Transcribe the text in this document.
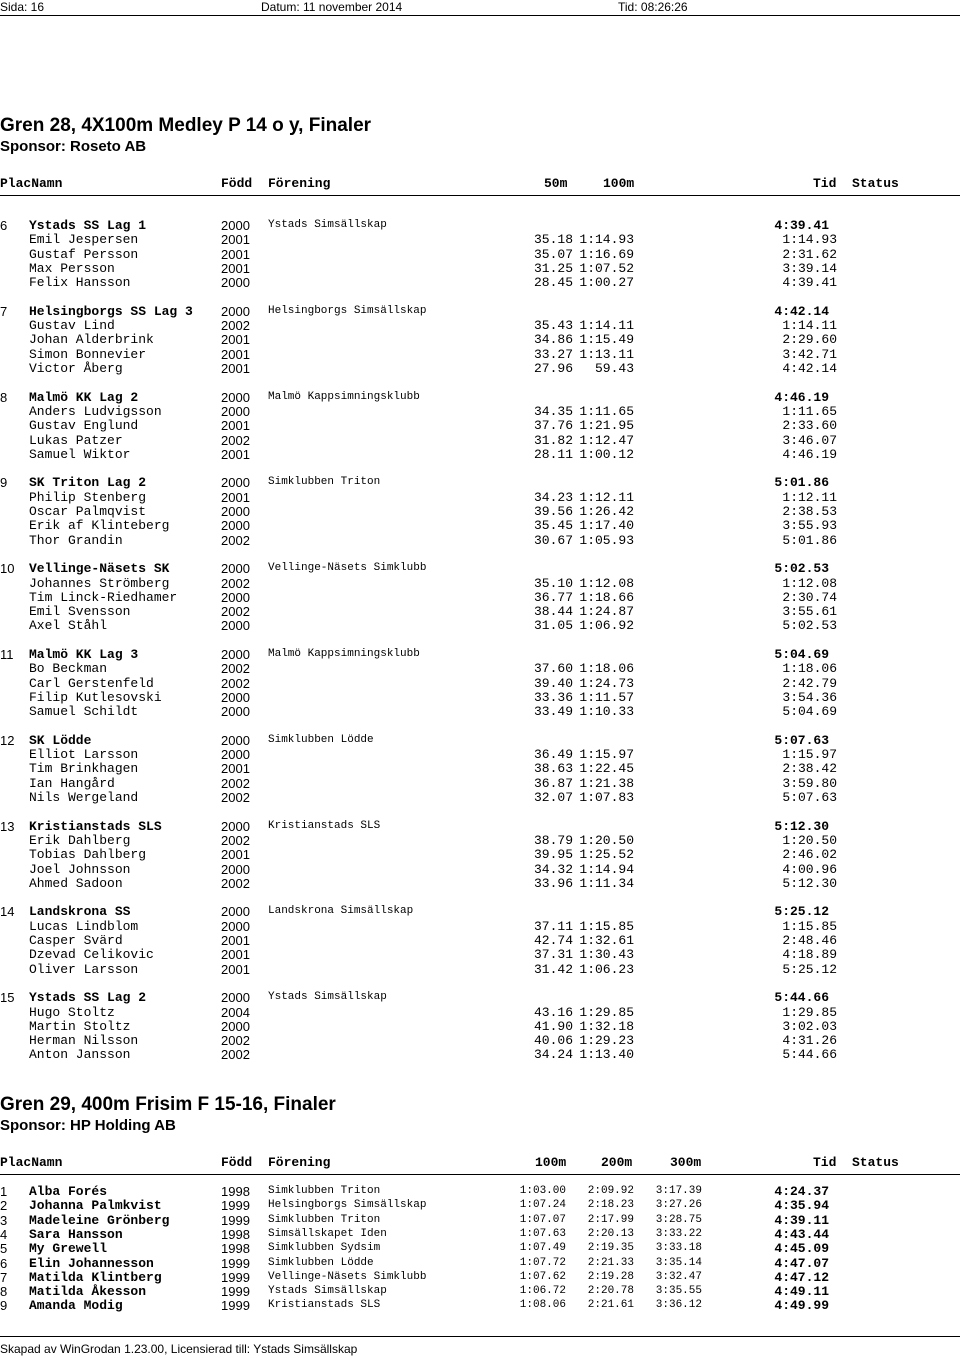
Sida: 16	Datum: 11 november 2014	Tid: 08:26:26
Gren 28, 4X100m Medley P 14 o y, Finaler
Sponsor: Roseto AB
PlacNamn	Född Förening	50m	100m	Tid Status
6 Ystads SS Lag 1	2000 Ystads Simsällskap	4:39.41
Emil Jespersen	2001	35.18 1:14.93	1:14.93
Gustaf Persson	2001	35.07 1:16.69	2:31.62
Max Persson	2001	31.25 1:07.52	3:39.14
Felix Hansson	2000	28.45 1:00.27	4:39.41
7 Helsingborgs SS Lag 3 2000 Helsingborgs Simsällskap	4:42.14
Gustav Lind	2002	35.43 1:14.11	1:14.11
Johan Alderbrink	2001	34.86 1:15.49	2:29.60
Simon Bonnevier	2001	33.27 1:13.11	3:42.71
Victor Åberg	2001	27.96 59.43	4:42.14
8 Malmö KK Lag 2	2000 Malmö Kappsimningsklubb	4:46.19
Anders Ludvigsson	2000	34.35 1:11.65	1:11.65
Gustav Englund	2001	37.76 1:21.95	2:33.60
Lukas Patzer	2002	31.82 1:12.47	3:46.07
Samuel Wiktor	2001	28.11 1:00.12	4:46.19
9 SK Triton Lag 2	2000 Simklubben Triton	5:01.86
Philip Stenberg	2001	34.23 1:12.11	1:12.11
Oscar Palmqvist	2000	39.56 1:26.42	2:38.53
Erik af Klinteberg	2000	35.45 1:17.40	3:55.93
Thor Grandin	2002	30.67 1:05.93	5:01.86
10 Vellinge-Näsets SK	2000 Vellinge-Näsets Simklubb	5:02.53
Johannes Strömberg	2002	35.10 1:12.08	1:12.08
Tim Linck-Riedhamer	2000	36.77 1:18.66	2:30.74
Emil Svensson	2002	38.44 1:24.87	3:55.61
Axel Ståhl	2000	31.05 1:06.92	5:02.53
11 Malmö KK Lag 3	2000 Malmö Kappsimningsklubb	5:04.69
Bo Beckman	2002	37.60 1:18.06	1:18.06
Carl Gerstenfeld	2002	39.40 1:24.73	2:42.79
Filip Kutlesovski	2000	33.36 1:11.57	3:54.36
Samuel Schildt	2000	33.49 1:10.33	5:04.69
12 SK Lödde	2000 Simklubben Lödde	5:07.63
Elliot Larsson	2000	36.49 1:15.97	1:15.97
Tim Brinkhagen	2001	38.63 1:22.45	2:38.42
Ian Hangård	2002	36.87 1:21.38	3:59.80
Nils Wergeland	2002	32.07 1:07.83	5:07.63
13 Kristianstads SLS	2000 Kristianstads SLS	5:12.30
Erik Dahlberg	2002	38.79 1:20.50	1:20.50
Tobias Dahlberg	2001	39.95 1:25.52	2:46.02
Joel Johnsson	2000	34.32 1:14.94	4:00.96
Ahmed Sadoon	2002	33.96 1:11.34	5:12.30
14 Landskrona SS	2000 Landskrona Simsällskap	5:25.12
Lucas Lindblom	2000	37.11 1:15.85	1:15.85
Casper Svärd	2001	42.74 1:32.61	2:48.46
Dzevad Celikovic	2001	37.31 1:30.43	4:18.89
Oliver Larsson	2001	31.42 1:06.23	5:25.12
15 Ystads SS Lag 2	2000 Ystads Simsällskap	5:44.66
Hugo Stoltz	2004	43.16 1:29.85	1:29.85
Martin Stoltz	2000	41.90 1:32.18	3:02.03
Herman Nilsson	2002	40.06 1:29.23	4:31.26
Anton Jansson	2002	34.24 1:13.40	5:44.66
Gren 29, 400m Frisim F 15-16, Finaler
Sponsor: HP Holding AB
PlacNamn	Född Förening	100m	200m	300m	Tid Status
1 Alba Forés	1998 Simklubben Triton	1:03.00 2:09.92 3:17.39	4:24.37
2 Johanna Palmkvist	1999 Helsingborgs Simsällskap	1:07.24 2:18.23 3:27.26	4:35.94
3 Madeleine Grönberg	1999 Simklubben Triton	1:07.07 2:17.99 3:28.75	4:39.11
4 Sara Hansson	1998 Simsällskapet Iden	1:07.63 2:20.13 3:33.22	4:43.44
5 My Grewell	1998 Simklubben Sydsim	1:07.49 2:19.35 3:33.18	4:45.09
6 Elin Johannesson	1999 Simklubben Lödde	1:07.72 2:21.33 3:35.14	4:47.07
7 Matilda Klintberg	1999 Vellinge-Näsets Simklubb	1:07.62 2:19.28 3:32.47	4:47.12
8 Matilda Åkesson	1999 Ystads Simsällskap	1:06.72 2:20.78 3:35.55	4:49.11
9 Amanda Modig	1999 Kristianstads SLS	1:08.06 2:21.61 3:36.12	4:49.99
Skapad av WinGrodan 1.23.00, Licensierad till: Ystads Simsällskap
